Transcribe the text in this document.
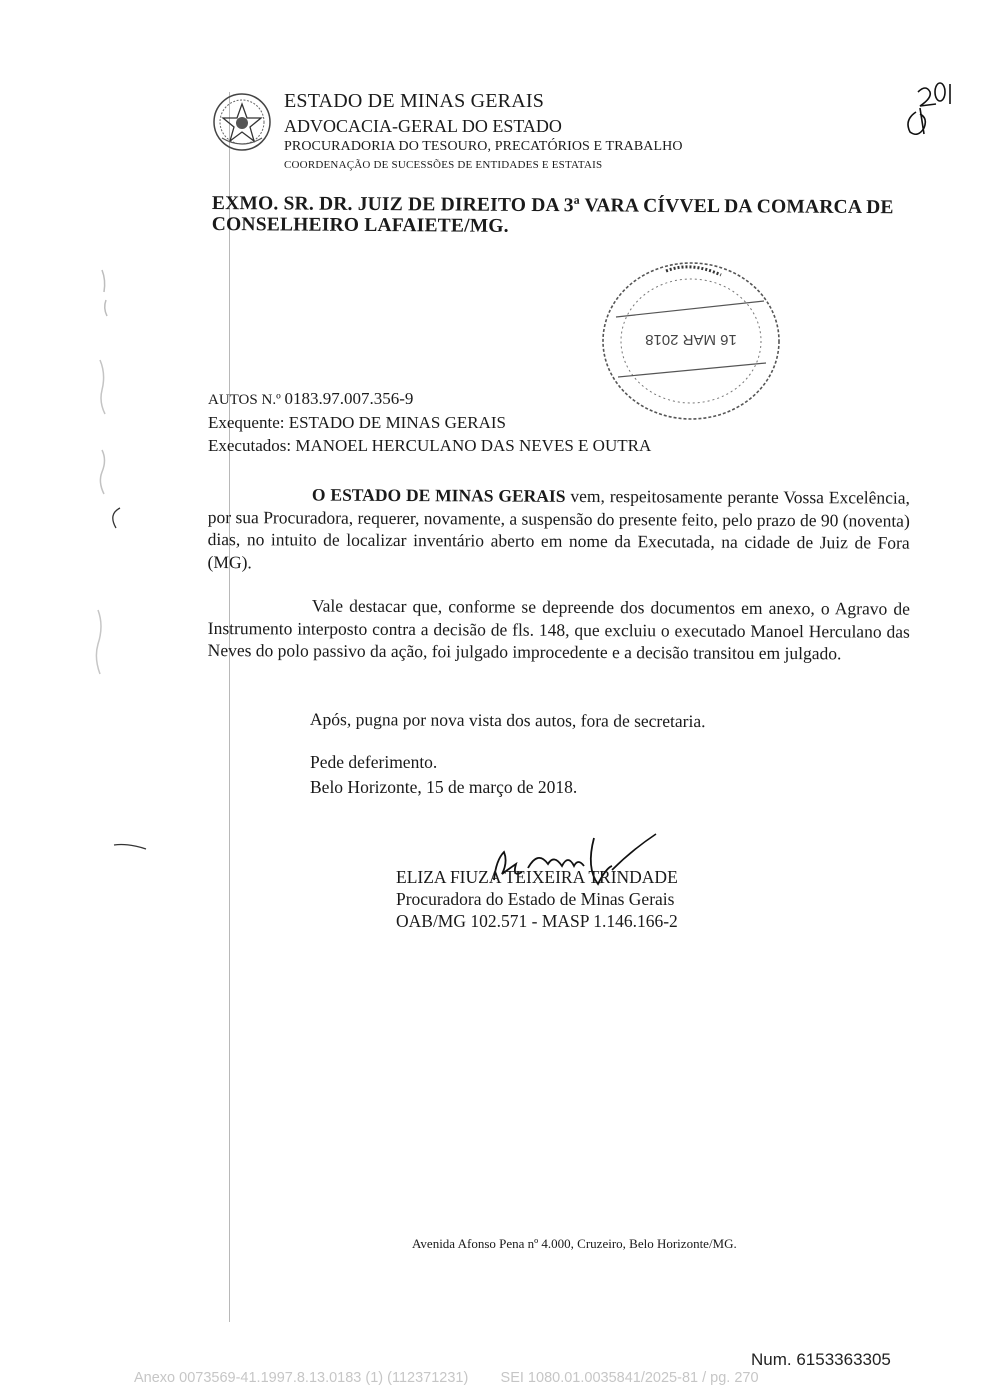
ESTADO DE MINAS GERAIS
ADVOCACIA-GERAL DO ESTADO
PROCURADORIA DO TESOURO, PRECATÓRIOS E TRABALHO
COORDENAÇÃO DE SUCESSÕES DE ENTIDADES E ESTATAIS
EXMO. SR. DR. JUIZ DE DIREITO DA 3ª VARA CÍVVEL DA COMARCA DE
CONSELHEIRO LAFAIETE/MG.
16 MAR 2018
AUTOS N.º 0183.97.007.356-9
Exequente: ESTADO DE MINAS GERAIS
Executados: MANOEL HERCULANO DAS NEVES E OUTRA
O ESTADO DE MINAS GERAIS vem, respeitosamente perante Vossa Excelência, por sua Procuradora, requerer, novamente, a suspensão do presente feito, pelo prazo de 90 (noventa) dias, no intuito de localizar inventário aberto em nome da Executada, na cidade de Juiz de Fora (MG).
Vale destacar que, conforme se depreende dos documentos em anexo, o Agravo de Instrumento interposto contra a decisão de fls. 148, que excluiu o executado Manoel Herculano das Neves do polo passivo da ação, foi julgado improcedente e a decisão transitou em julgado.
Após, pugna por nova vista dos autos, fora de secretaria.
Pede deferimento.
Belo Horizonte, 15 de março de 2018.
ELIZA FIUZA TEIXEIRA TRINDADE
Procuradora do Estado de Minas Gerais
OAB/MG 102.571 - MASP 1.146.166-2
Avenida Afonso Pena nº 4.000, Cruzeiro, Belo Horizonte/MG.
Num. 6153363305
Anexo 0073569-41.1997.8.13.0183 (1) (112371231)        SEI 1080.01.0035841/2025-81 / pg. 270
